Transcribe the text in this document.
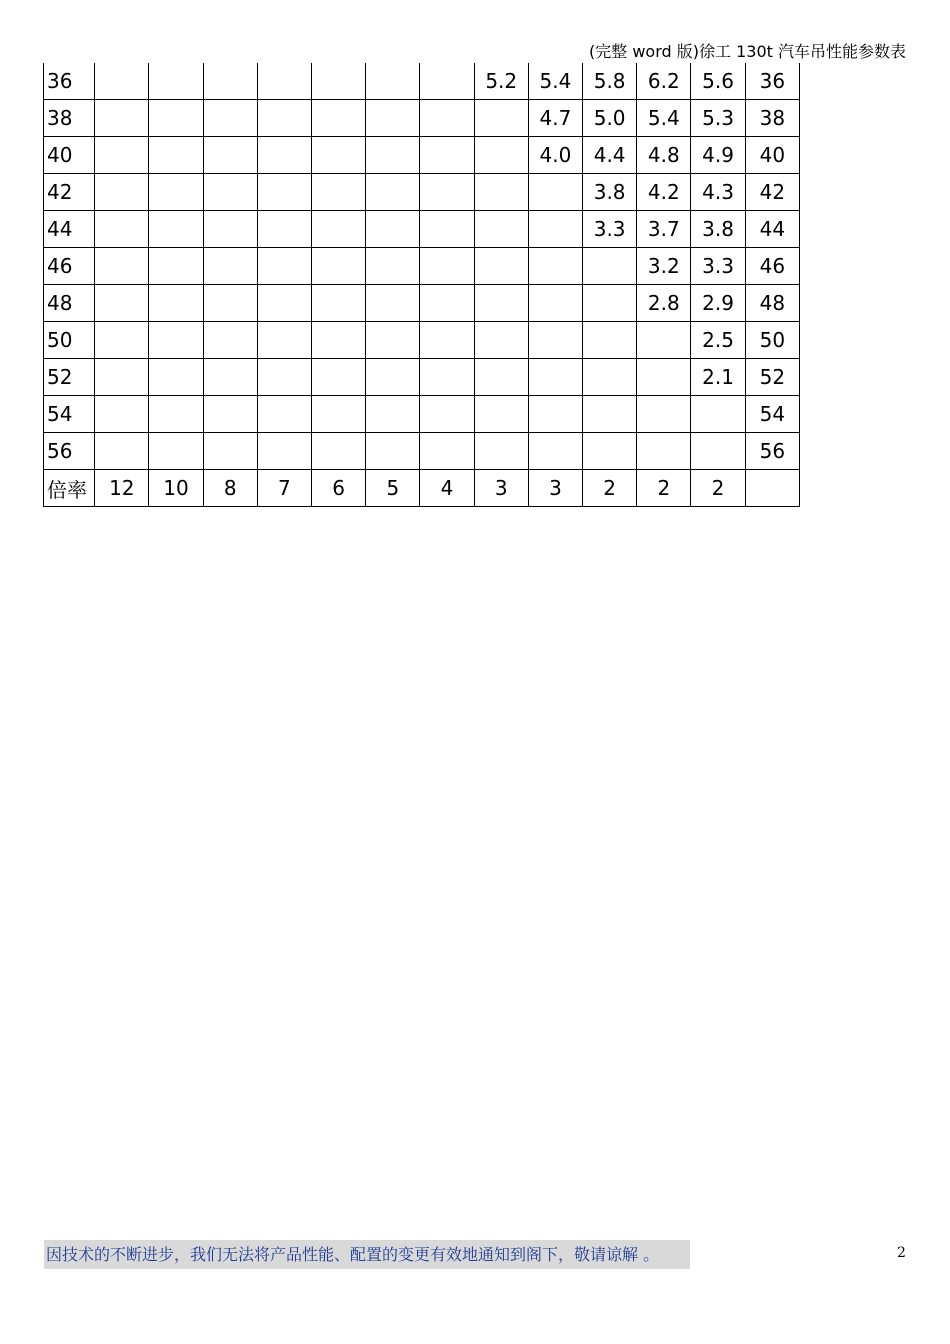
(完整 word 版)徐工 130t 汽车吊性能参数表
36								5.2	5.4	5.8	6.2	5.6	36
38									4.7	5.0	5.4	5.3	38
40									4.0	4.4	4.8	4.9	40
42										3.8	4.2	4.3	42
44										3.3	3.7	3.8	44
46											3.2	3.3	46
48											2.8	2.9	48
50												2.5	50
52												2.1	52
54													54
56													56
倍率	12	10	8	7	6	5	4	3	3	2	2	2	
因技术的不断进步，我们无法将产品性能、配置的变更有效地通知到阁下，敬请谅解 。	2
